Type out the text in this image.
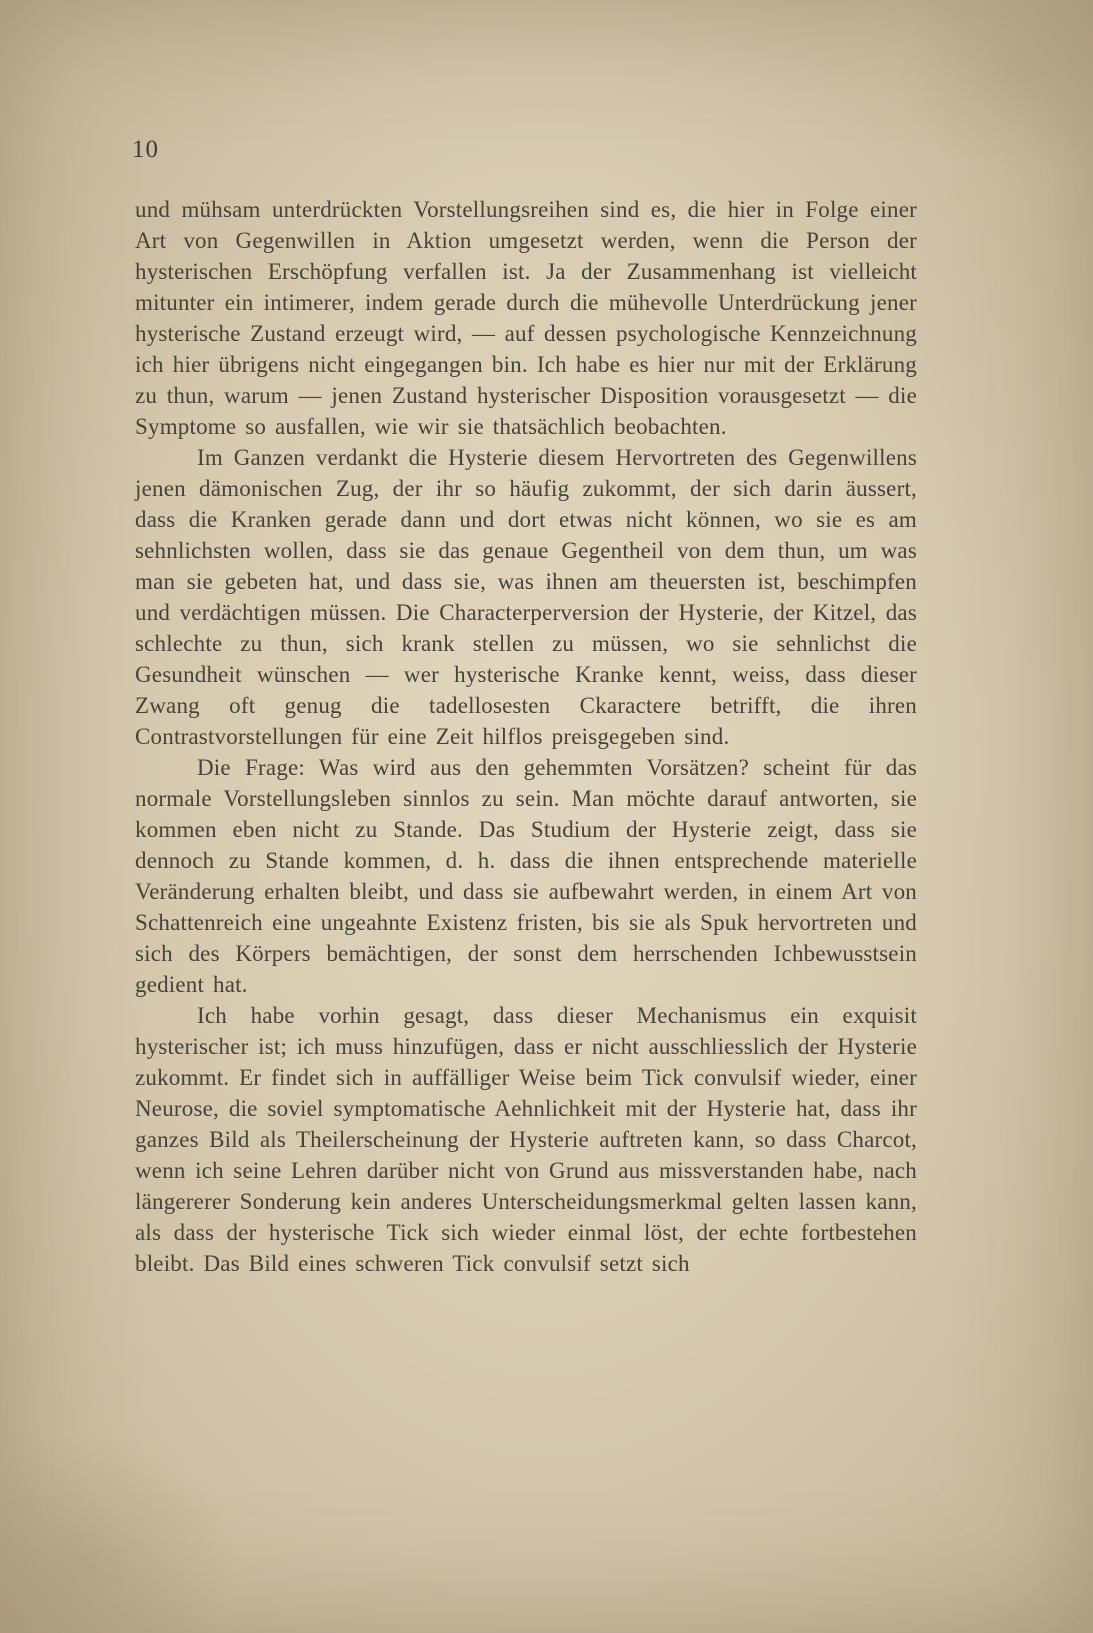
10

und mühsam unterdrückten Vorstellungsreihen sind es, die hier in Folge einer Art von Gegenwillen in Aktion umgesetzt werden, wenn die Person der hysterischen Erschöpfung verfallen ist. Ja der Zusammenhang ist vielleicht mitunter ein intimerer, indem gerade durch die mühevolle Unterdrückung jener hysterische Zustand erzeugt wird, — auf dessen psychologische Kennzeichnung ich hier übrigens nicht eingegangen bin. Ich habe es hier nur mit der Erklärung zu thun, warum — jenen Zustand hysterischer Disposition vorausgesetzt — die Symptome so ausfallen, wie wir sie thatsächlich beobachten.

Im Ganzen verdankt die Hysterie diesem Hervortreten des Gegenwillens jenen dämonischen Zug, der ihr so häufig zukommt, der sich darin äussert, dass die Kranken gerade dann und dort etwas nicht können, wo sie es am sehnlichsten wollen, dass sie das genaue Gegentheil von dem thun, um was man sie gebeten hat, und dass sie, was ihnen am theuersten ist, beschimpfen und verdächtigen müssen. Die Characterperversion der Hysterie, der Kitzel, das schlechte zu thun, sich krank stellen zu müssen, wo sie sehnlichst die Gesundheit wünschen — wer hysterische Kranke kennt, weiss, dass dieser Zwang oft genug die tadellosesten Ckaractere betrifft, die ihren Contrastvorstellungen für eine Zeit hilflos preisgegeben sind.

Die Frage: Was wird aus den gehemmten Vorsätzen? scheint für das normale Vorstellungsleben sinnlos zu sein. Man möchte darauf antworten, sie kommen eben nicht zu Stande. Das Studium der Hysterie zeigt, dass sie dennoch zu Stande kommen, d. h. dass die ihnen entsprechende materielle Veränderung erhalten bleibt, und dass sie aufbewahrt werden, in einem Art von Schattenreich eine ungeahnte Existenz fristen, bis sie als Spuk hervortreten und sich des Körpers bemächtigen, der sonst dem herrschenden Ichbewusstsein gedient hat.

Ich habe vorhin gesagt, dass dieser Mechanismus ein exquisit hysterischer ist; ich muss hinzufügen, dass er nicht ausschliesslich der Hysterie zukommt. Er findet sich in auffälliger Weise beim Tick convulsif wieder, einer Neurose, die soviel symptomatische Aehnlichkeit mit der Hysterie hat, dass ihr ganzes Bild als Theilerscheinung der Hysterie auftreten kann, so dass Charcot, wenn ich seine Lehren darüber nicht von Grund aus missverstanden habe, nach längererer Sonderung kein anderes Unterscheidungsmerkmal gelten lassen kann, als dass der hysterische Tick sich wieder einmal löst, der echte fortbestehen bleibt. Das Bild eines schweren Tick convulsif setzt sich
